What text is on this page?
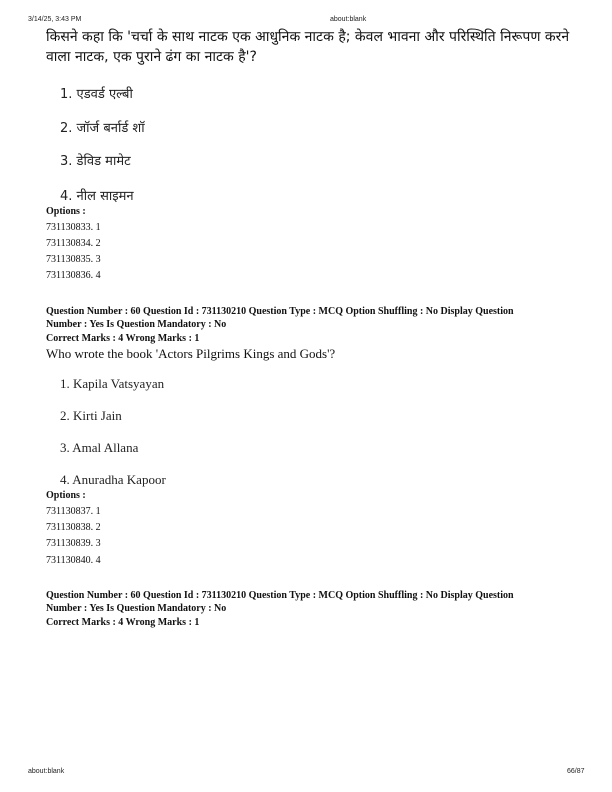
3/14/25, 3:43 PM	about:blank
किसने कहा कि 'चर्चा के साथ नाटक एक आधुनिक नाटक है; केवल भावना और परिस्थिति निरूपण करने वाला नाटक, एक पुराने ढंग का नाटक है'?
1. एडवर्ड एल्बी
2. जॉर्ज बर्नार्ड शॉ
3. डेविड मामेट
4. नील साइमन
Options :
731130833. 1
731130834. 2
731130835. 3
731130836. 4
Question Number : 60 Question Id : 731130210 Question Type : MCQ Option Shuffling : No Display Question
Number : Yes Is Question Mandatory : No
Correct Marks : 4 Wrong Marks : 1
Who wrote the book 'Actors Pilgrims Kings and Gods'?
1. Kapila Vatsyayan
2. Kirti Jain
3. Amal Allana
4. Anuradha Kapoor
Options :
731130837. 1
731130838. 2
731130839. 3
731130840. 4
Question Number : 60 Question Id : 731130210 Question Type : MCQ Option Shuffling : No Display Question
Number : Yes Is Question Mandatory : No
Correct Marks : 4 Wrong Marks : 1
about:blank	66/87
